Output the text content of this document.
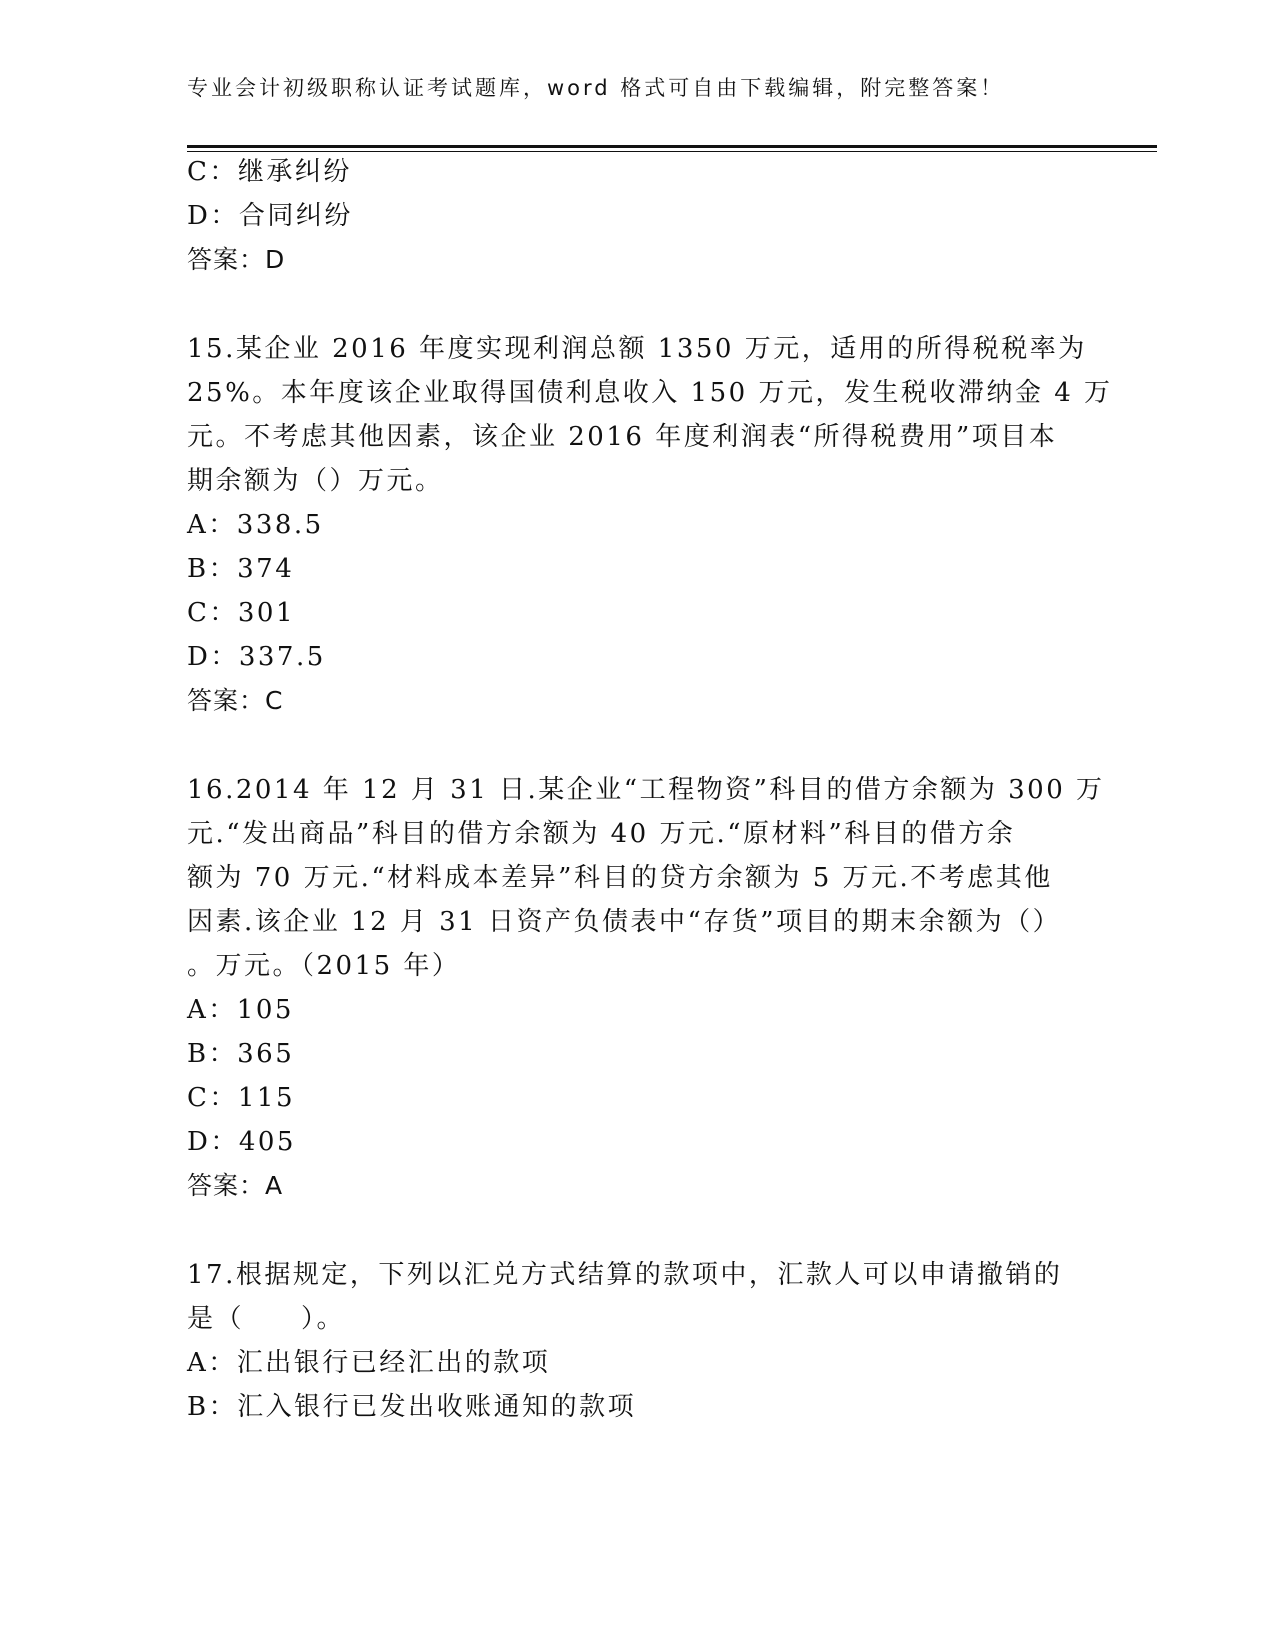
专业会计初级职称认证考试题库，word 格式可自由下载编辑，附完整答案！
C：继承纠纷
D：合同纠纷
答案：D
15.某企业 2016 年度实现利润总额 1350 万元，适用的所得税税率为
25%。本年度该企业取得国债利息收入 150 万元，发生税收滞纳金 4 万
元。不考虑其他因素，该企业 2016 年度利润表“所得税费用”项目本
期余额为（）万元。
A：338.5
B：374
C：301
D：337.5
答案：C
16.2014 年 12 月 31 日.某企业“工程物资”科目的借方余额为 300 万
元.“发出商品”科目的借方余额为 40 万元.“原材料”科目的借方余
额为 70 万元.“材料成本差异”科目的贷方余额为 5 万元.不考虑其他
因素.该企业 12 月 31 日资产负债表中“存货”项目的期末余额为（）
。万元。（2015 年）
A：105
B：365
C：115
D：405
答案：A
17.根据规定，下列以汇兑方式结算的款项中，汇款人可以申请撤销的
是（　　）。
A：汇出银行已经汇出的款项
B：汇入银行已发出收账通知的款项
